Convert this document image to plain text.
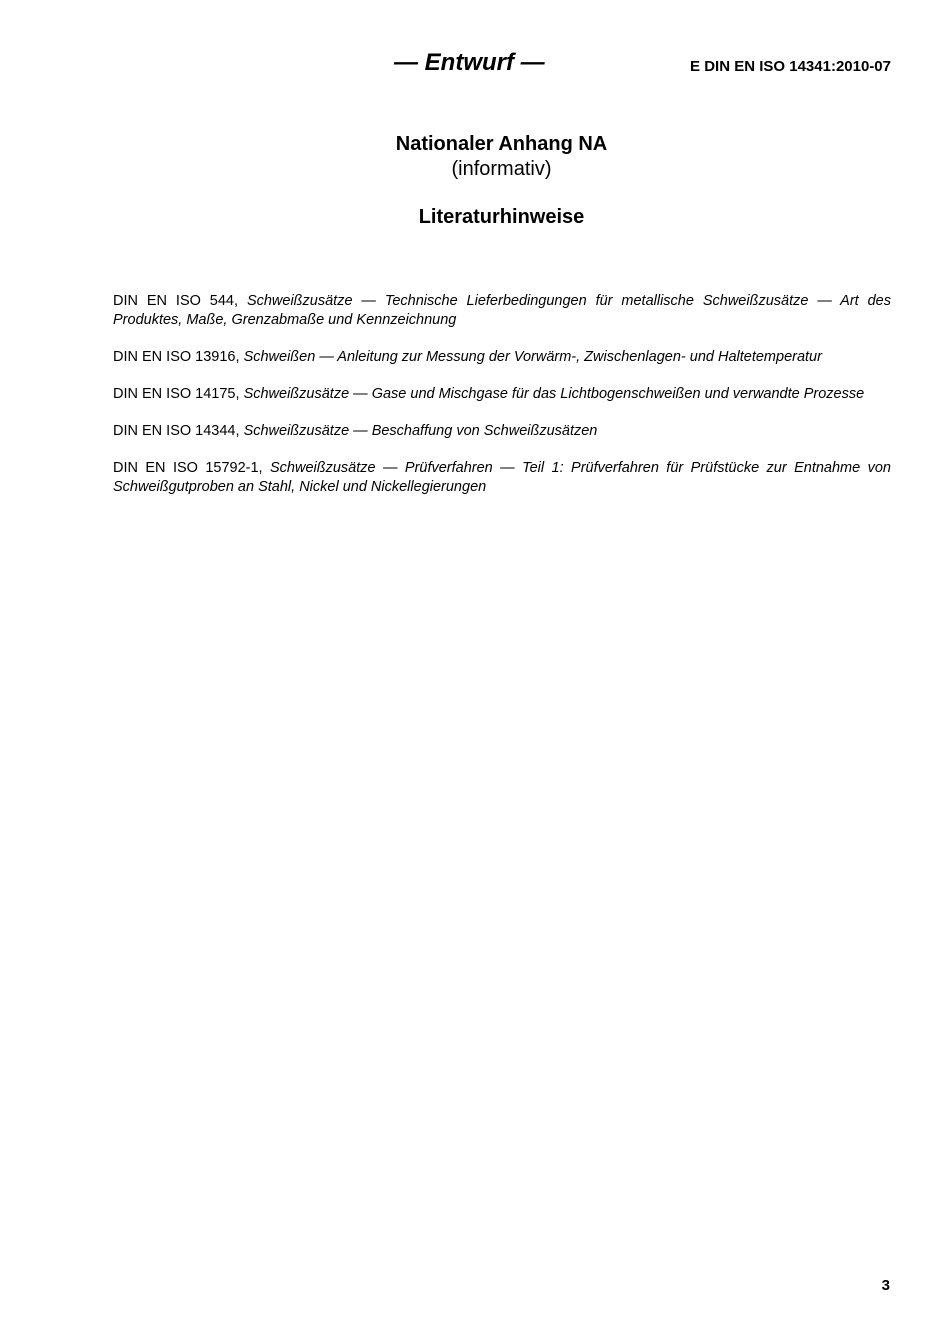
— Entwurf —	E DIN EN ISO 14341:2010-07
Nationaler Anhang NA
(informativ)
Literaturhinweise
DIN EN ISO 544, Schweißzusätze — Technische Lieferbedingungen für metallische Schweißzusätze — Art des Produktes, Maße, Grenzabmaße und Kennzeichnung
DIN EN ISO 13916, Schweißen — Anleitung zur Messung der Vorwärm-, Zwischenlagen- und Haltetemperatur
DIN EN ISO 14175, Schweißzusätze — Gase und Mischgase für das Lichtbogenschweißen und verwandte Prozesse
DIN EN ISO 14344, Schweißzusätze — Beschaffung von Schweißzusätzen
DIN EN ISO 15792-1, Schweißzusätze — Prüfverfahren — Teil 1: Prüfverfahren für Prüfstücke zur Entnahme von Schweißgutproben an Stahl, Nickel und Nickellegierungen
3
